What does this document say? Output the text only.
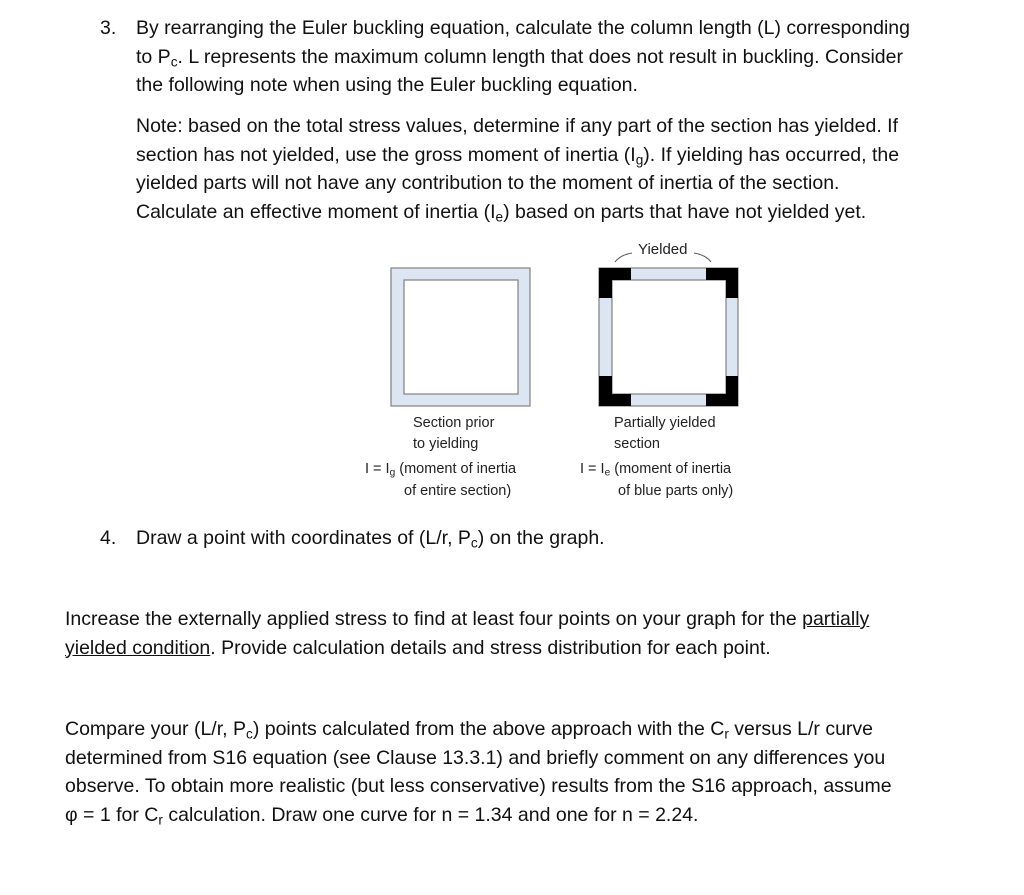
3. By rearranging the Euler buckling equation, calculate the column length (L) corresponding
to $P_c$. L represents the maximum column length that does not result in buckling. Consider
the following note when using the Euler buckling equation.
Note: based on the total stress values, determine if any part of the section has yielded. If
section has not yielded, use the gross moment of inertia $(I_g)$. If yielding has occurred, the
yielded parts will not have any contribution to the moment of inertia of the section.
Calculate an effective moment of inertia $(I_e)$ based on parts that have not yielded yet.
Yielded
Section prior
to yielding
$I = I_g$ (moment of inertia
of entire section)
Partially yielded
section
$I = I_e$ (moment of inertia
of blue parts only)
4. Draw a point with coordinates of (L/r, $P_c$) on the graph.
Increase the externally applied stress to find at least four points on your graph for the partially
yielded condition. Provide calculation details and stress distribution for each point.
Compare your (L/r, $P_c$) points calculated from the above approach with the $C_r$ versus L/r curve
determined from S16 equation (see Clause 13.3.1) and briefly comment on any differences you
observe. To obtain more realistic (but less conservative) results from the S16 approach, assume
φ = 1 for $C_r$ calculation. Draw one curve for n = 1.34 and one for n = 2.24.
